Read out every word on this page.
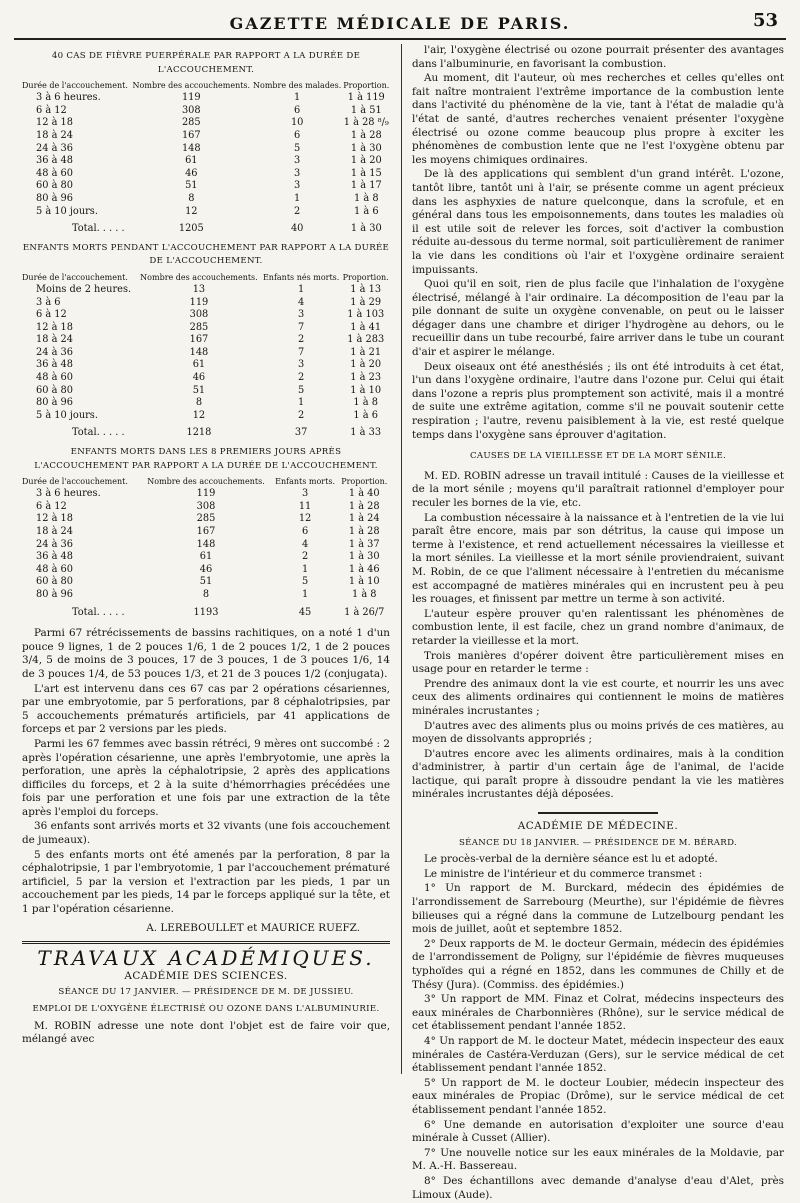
GAZETTE MÉDICALE DE PARIS.	53
40 CAS DE FIÈVRE PUERPÉRALE PAR RAPPORT A LA DURÉE DE L'ACCOUCHEMENT.
Durée de l'accouchement.	Nombre des accouchements.	Nombre des malades.	Proportion.
3 à 6 heures.	119	1	1 à 119
6 à 12	308	6	1 à 51
12 à 18	285	10	1 à 28 ⁸/₉
18 à 24	167	6	1 à 28
24 à 36	148	5	1 à 30
36 à 48	61	3	1 à 20
48 à 60	46	3	1 à 15
60 à 80	51	3	1 à 17
80 à 96	8	1	1 à 8
5 à 10 jours.	12	2	1 à 6
Total. . . . .	1205	40	1 à 30
ENFANTS MORTS PENDANT L'ACCOUCHEMENT PAR RAPPORT A LA DURÉE DE L'ACCOUCHEMENT.
Durée de l'accouchement.	Nombre des accouchements.	Enfants nés morts.	Proportion.
Moins de 2 heures.	13	1	1 à 13
3 à 6	119	4	1 à 29
6 à 12	308	3	1 à 103
12 à 18	285	7	1 à 41
18 à 24	167	2	1 à 283
24 à 36	148	7	1 à 21
36 à 48	61	3	1 à 20
48 à 60	46	2	1 à 23
60 à 80	51	5	1 à 10
80 à 96	8	1	1 à 8
5 à 10 jours.	12	2	1 à 6
Total. . . . .	1218	37	1 à 33
ENFANTS MORTS DANS LES 8 PREMIERS JOURS APRÈS L'ACCOUCHEMENT PAR RAPPORT A LA DURÉE DE L'ACCOUCHEMENT.
Durée de l'accouchement.	Nombre des accouchements.	Enfants morts.	Proportion.
3 à 6 heures.	119	3	1 à 40
6 à 12	308	11	1 à 28
12 à 18	285	12	1 à 24
18 à 24	167	6	1 à 28
24 à 36	148	4	1 à 37
36 à 48	61	2	1 à 30
48 à 60	46	1	1 à 46
60 à 80	51	5	1 à 10
80 à 96	8	1	1 à 8
Total. . . . .	1193	45	1 à 26/7

Parmi 67 rétrécissements de bassins rachitiques, on a noté 1 d'un pouce 9 lignes, 1 de 2 pouces 1/6, 1 de 2 pouces 1/2, 1 de 2 pouces 3/4, 5 de moins de 3 pouces, 17 de 3 pouces, 1 de 3 pouces 1/6, 14 de 3 pouces 1/4, de 53 pouces 1/3, et 21 de 3 pouces 1/2 (conjugata).

L'art est intervenu dans ces 67 cas par 2 opérations césariennes, par une embryotomie, par 5 perforations, par 8 céphalotripsies, par 5 accouchements prématurés artificiels, par 41 applications de forceps et par 2 versions par les pieds.

Parmi les 67 femmes avec bassin rétréci, 9 mères ont succombé : 2 après l'opération césarienne, une après l'embryotomie, une après la perforation, une après la céphalotripsie, 2 après des applications difficiles du forceps, et 2 à la suite d'hémorrhagies précédées une fois par une perforation et une fois par une extraction de la tête après l'emploi du forceps.

36 enfants sont arrivés morts et 32 vivants (une fois accouchement de jumeaux).

5 des enfants morts ont été amenés par la perforation, 8 par la céphalotripsie, 1 par l'embryotomie, 1 par l'accouchement prématuré artificiel, 5 par la version et l'extraction par les pieds, 1 par un accouchement par les pieds, 14 par le forceps appliqué sur la tête, et 1 par l'opération césarienne.

A. LEREBOULLET et MAURICE RUEFZ.
TRAVAUX ACADÉMIQUES.
ACADÉMIE DES SCIENCES.
SÉANCE DU 17 JANVIER. — PRÉSIDENCE DE M. DE JUSSIEU.
EMPLOI DE L'OXYGÈNE ÉLECTRISÉ OU OZONE DANS L'ALBUMINURIE.

M. ROBIN adresse une note dont l'objet est de faire voir que, mélangé avec

l'air, l'oxygène électrisé ou ozone pourrait présenter des avantages dans l'albuminurie, en favorisant la combustion.

Au moment, dit l'auteur, où mes recherches et celles qu'elles ont fait naître montraient l'extrême importance de la combustion lente dans l'activité du phénomène de la vie, tant à l'état de maladie qu'à l'état de santé, d'autres recherches venaient présenter l'oxygène électrisé ou ozone comme beaucoup plus propre à exciter les phénomènes de combustion lente que ne l'est l'oxygène obtenu par les moyens chimiques ordinaires.

De là des applications qui semblent d'un grand intérêt. L'ozone, tantôt libre, tantôt uni à l'air, se présente comme un agent précieux dans les asphyxies de nature quelconque, dans la scrofule, et en général dans tous les empoisonnements, dans toutes les maladies où il est utile soit de relever les forces, soit d'activer la combustion réduite au-dessous du terme normal, soit particulièrement de ranimer la vie dans les conditions où l'air et l'oxygène ordinaire seraient impuissants.

Quoi qu'il en soit, rien de plus facile que l'inhalation de l'oxygène électrisé, mélangé à l'air ordinaire. La décomposition de l'eau par la pile donnant de suite un oxygène convenable, on peut ou le laisser dégager dans une chambre et diriger l'hydrogène au dehors, ou le recueillir dans un tube recourbé, faire arriver dans le tube un courant d'air et aspirer le mélange.

Deux oiseaux ont été anesthésiés ; ils ont été introduits à cet état, l'un dans l'oxygène ordinaire, l'autre dans l'ozone pur. Celui qui était dans l'ozone a repris plus promptement son activité, mais il a montré de suite une extrême agitation, comme s'il ne pouvait soutenir cette respiration ; l'autre, revenu paisiblement à la vie, est resté quelque temps dans l'oxygène sans éprouver d'agitation.

CAUSES DE LA VIEILLESSE ET DE LA MORT SÉNILE.

M. ED. ROBIN adresse un travail intitulé : Causes de la vieillesse et de la mort sénile ; moyens qu'il paraîtrait rationnel d'employer pour reculer les bornes de la vie, etc.

La combustion nécessaire à la naissance et à l'entretien de la vie lui paraît être encore, mais par son détritus, la cause qui impose un terme à l'existence, et rend actuellement nécessaires la vieillesse et la mort séniles. La vieillesse et la mort sénile proviendraient, suivant M. Robin, de ce que l'aliment nécessaire à l'entretien du mécanisme est accompagné de matières minérales qui en incrustent peu à peu les rouages, et finissent par mettre un terme à son activité.

L'auteur espère prouver qu'en ralentissant les phénomènes de combustion lente, il est facile, chez un grand nombre d'animaux, de retarder la vieillesse et la mort.

Trois manières d'opérer doivent être particulièrement mises en usage pour en retarder le terme :

Prendre des animaux dont la vie est courte, et nourrir les uns avec ceux des aliments ordinaires qui contiennent le moins de matières minérales incrustantes ;

D'autres avec des aliments plus ou moins privés de ces matières, au moyen de dissolvants appropriés ;

D'autres encore avec les aliments ordinaires, mais à la condition d'administrer, à partir d'un certain âge de l'animal, de l'acide lactique, qui paraît propre à dissoudre pendant la vie les matières minérales incrustantes déjà déposées.

ACADÉMIE DE MÉDECINE.
SÉANCE DU 18 JANVIER. — PRÉSIDENCE DE M. BÉRARD.

Le procès-verbal de la dernière séance est lu et adopté.

Le ministre de l'intérieur et du commerce transmet :

1° Un rapport de M. Burckard, médecin des épidémies de l'arrondissement de Sarrebourg (Meurthe), sur l'épidémie de fièvres bilieuses qui a régné dans la commune de Lutzelbourg pendant les mois de juillet, août et septembre 1852.

2° Deux rapports de M. le docteur Germain, médecin des épidémies de l'arrondissement de Poligny, sur l'épidémie de fièvres muqueuses typhoïdes qui a régné en 1852, dans les communes de Chilly et de Thésy (Jura). (Commiss. des épidémies.)

3° Un rapport de MM. Finaz et Colrat, médecins inspecteurs des eaux minérales de Charbonnières (Rhône), sur le service médical de cet établissement pendant l'année 1852.

4° Un rapport de M. le docteur Matet, médecin inspecteur des eaux minérales de Castéra-Verduzan (Gers), sur le service médical de cet établissement pendant l'année 1852.

5° Un rapport de M. le docteur Loubier, médecin inspecteur des eaux minérales de Propiac (Drôme), sur le service médical de cet établissement pendant l'année 1852.

6° Une demande en autorisation d'exploiter une source d'eau minérale à Cusset (Allier).

7° Une nouvelle notice sur les eaux minérales de la Moldavie, par M. A.-H. Bassereau.

8° Des échantillons avec demande d'analyse d'eau d'Alet, près Limoux (Aude).
